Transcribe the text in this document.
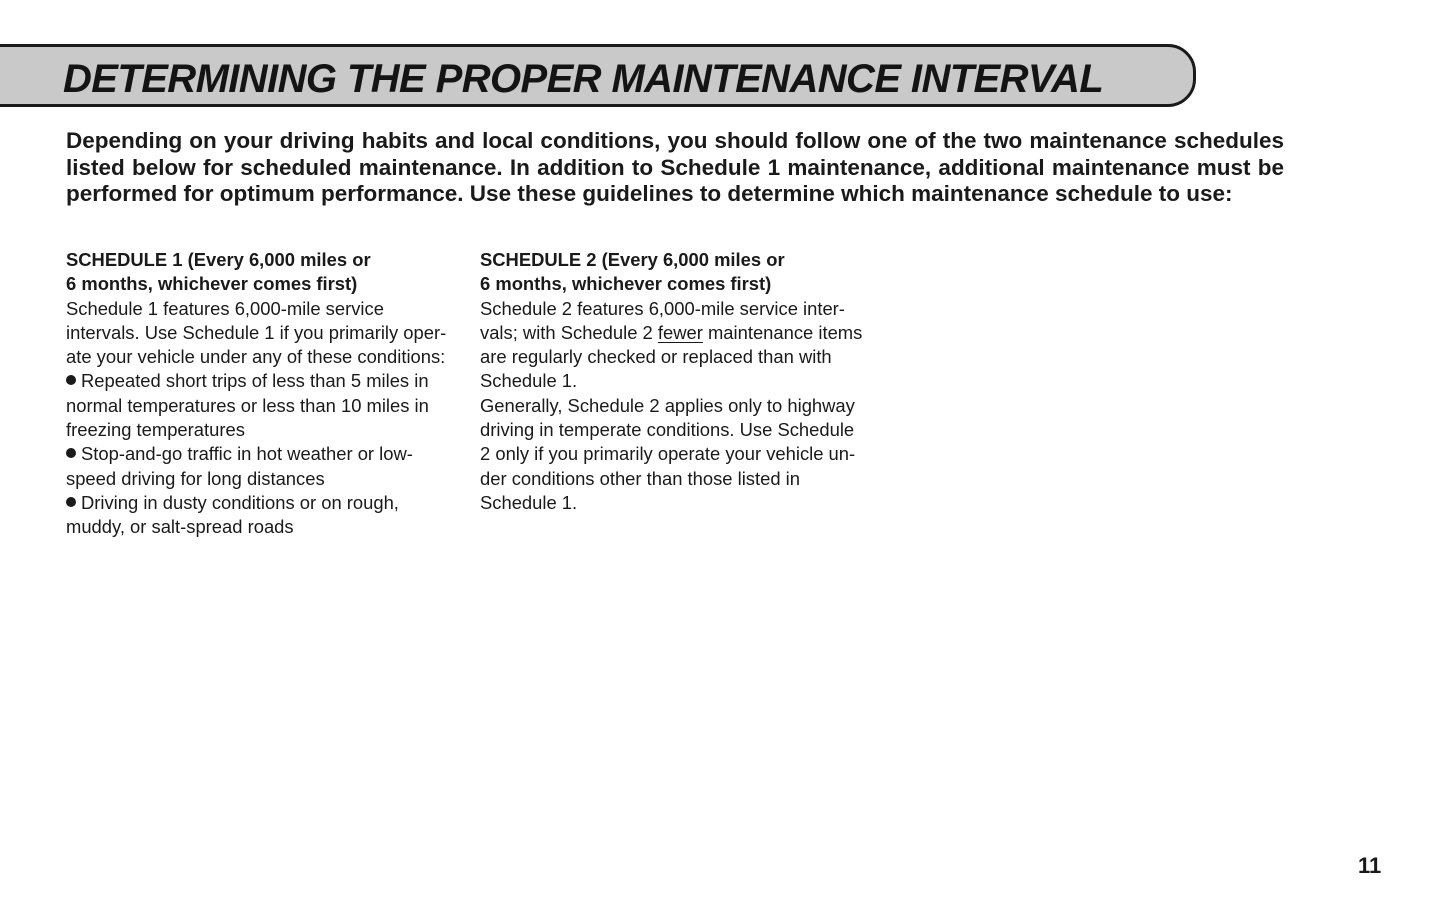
DETERMINING THE PROPER MAINTENANCE INTERVAL

Depending on your driving habits and local conditions, you should follow one of the two maintenance schedules listed below for scheduled maintenance. In addition to Schedule 1 maintenance, additional maintenance must be performed for optimum performance. Use these guidelines to determine which maintenance schedule to use:

SCHEDULE 1 (Every 6,000 miles or

6 months, whichever comes first)

Schedule 1 features 6,000-mile service

intervals. Use Schedule 1 if you primarily oper-

ate your vehicle under any of these conditions:

Repeated short trips of less than 5 miles in

normal temperatures or less than 10 miles in

freezing temperatures

Stop-and-go traffic in hot weather or low-

speed driving for long distances

Driving in dusty conditions or on rough,

muddy, or salt-spread roads

SCHEDULE 2 (Every 6,000 miles or

6 months, whichever comes first)

Schedule 2 features 6,000-mile service inter-

vals; with Schedule 2 fewer maintenance items

are regularly checked or replaced than with

Schedule 1.

Generally, Schedule 2 applies only to highway

driving in temperate conditions. Use Schedule

2 only if you primarily operate your vehicle un-

der conditions other than those listed in

Schedule 1.

11
